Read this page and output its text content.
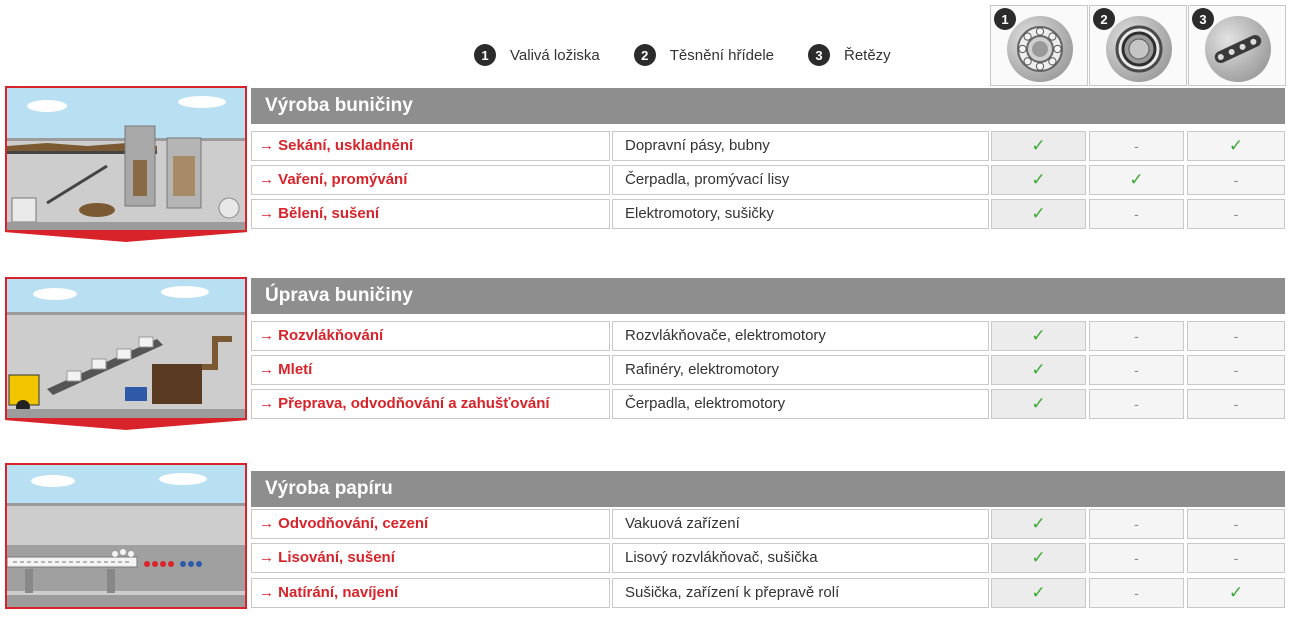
1	Valivá ložiska	2	Těsnění hřídele	3	Řetězy
1	2	3
Výroba buničiny
→ Sekání, uskladnění	Dopravní pásy, bubny	✓	-	✓
→ Vaření, promývání	Čerpadla, promývací lisy	✓	✓	-
→ Bělení, sušení	Elektromotory, sušičky	✓	-	-
Úprava buničiny
→ Rozvlákňování	Rozvlákňovače, elektromotory	✓	-	-
→ Mletí	Rafinéry, elektromotory	✓	-	-
→ Přeprava, odvodňování a zahušťování	Čerpadla, elektromotory	✓	-	-
Výroba papíru
→ Odvodňování, cezení	Vakuová zařízení	✓	-	-
→ Lisování, sušení	Lisový rozvlákňovač, sušička	✓	-	-
→ Natírání, navíjení	Sušička, zařízení k přepravě rolí	✓	-	✓
